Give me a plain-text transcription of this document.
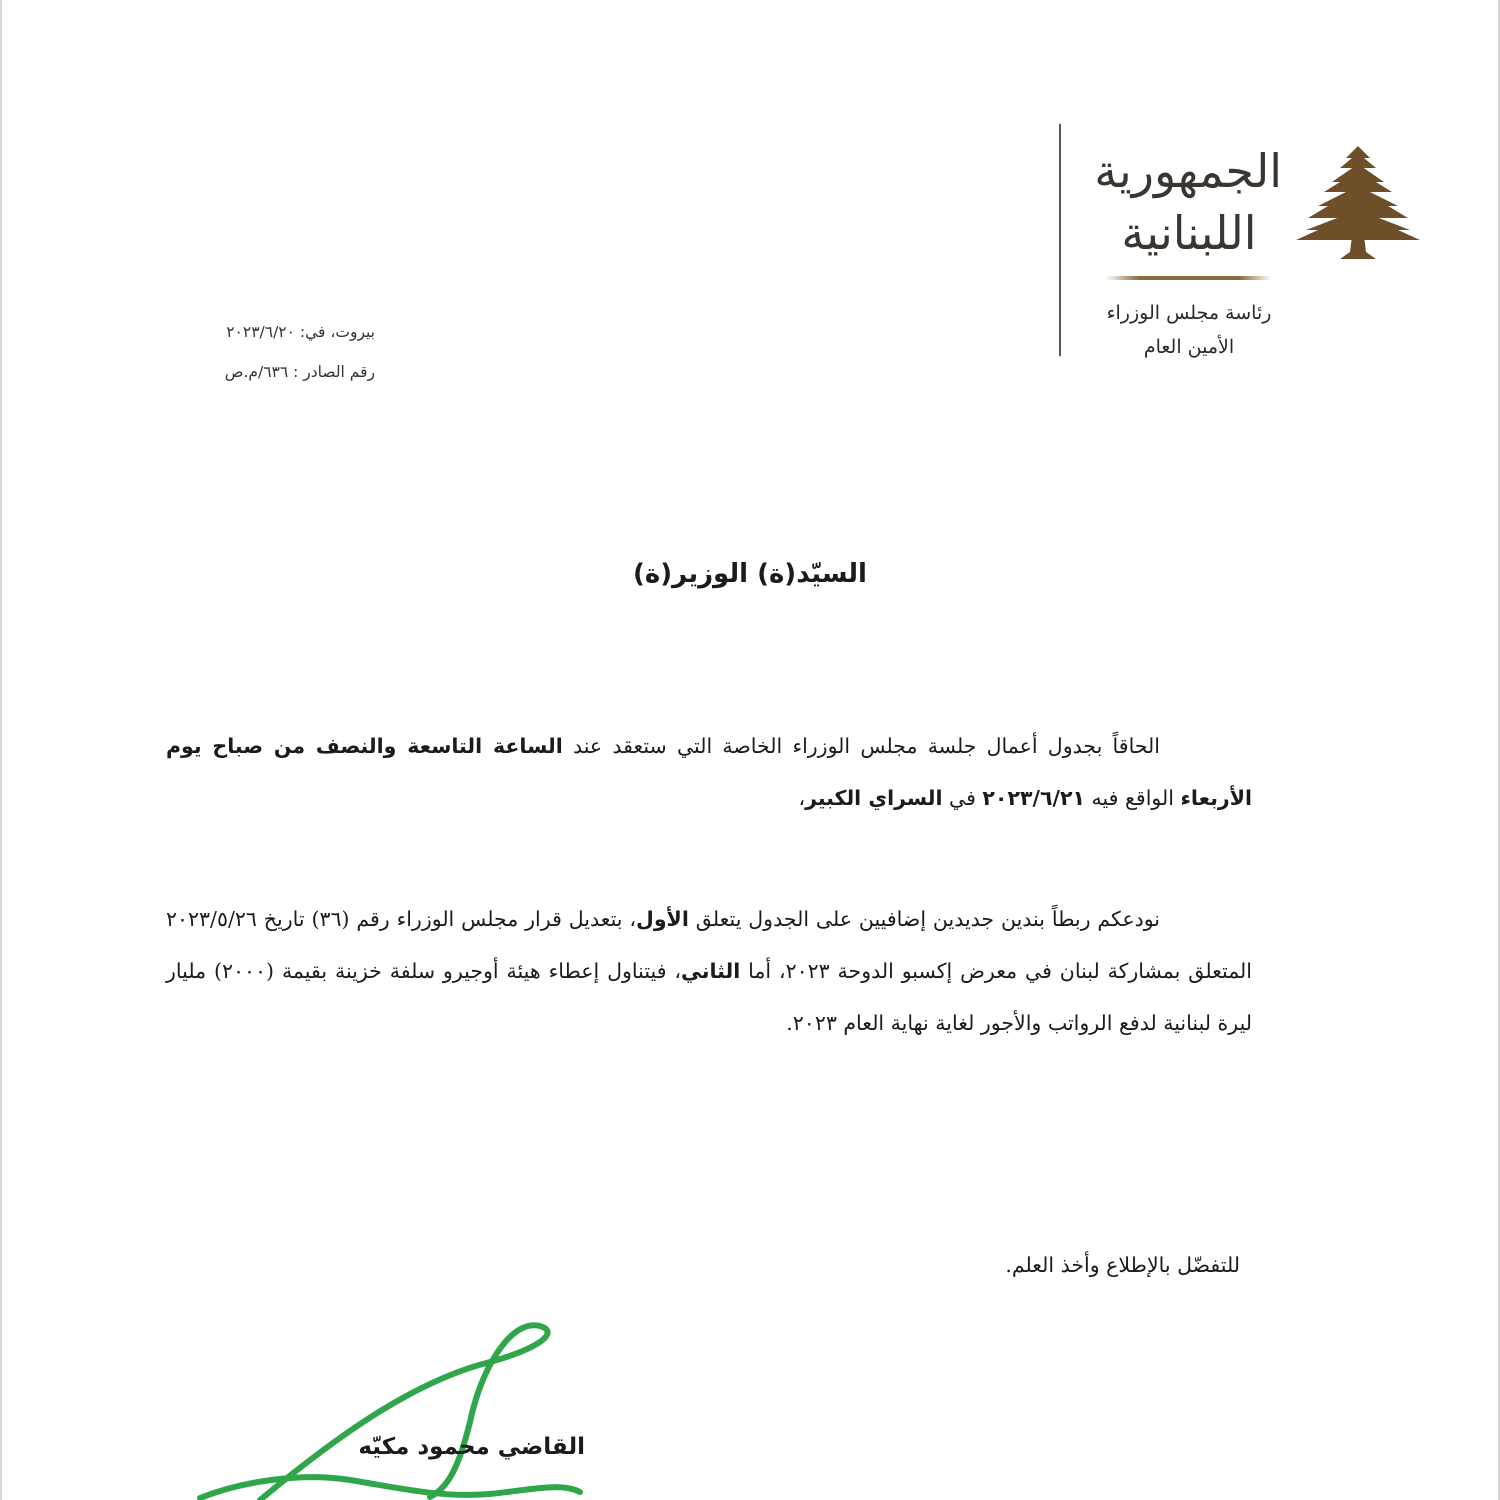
الجمهورية
اللبنانية
رئاسة مجلس الوزراء
الأمين العام
بيروت، في: ٢٠٢٣/٦/٢٠
رقم الصادر : ٦٣٦/م.ص
السيّد(ة) الوزير(ة)
الحاقاً بجدول أعمال جلسة مجلس الوزراء الخاصة التي ستعقد عند الساعة التاسعة والنصف من صباح يوم الأربعاء الواقع فيه ٢٠٢٣/٦/٢١ في السراي الكبير،
نودعكم ربطاً بندين جديدين إضافيين على الجدول يتعلق الأول، بتعديل قرار مجلس الوزراء رقم (٣٦) تاريخ ٢٠٢٣/٥/٢٦ المتعلق بمشاركة لبنان في معرض إكسبو الدوحة ٢٠٢٣، أما الثاني، فيتناول إعطاء هيئة أوجيرو سلفة خزينة بقيمة (٢٠٠٠) مليار ليرة لبنانية لدفع الرواتب والأجور لغاية نهاية العام ٢٠٢٣.
للتفضّل بالإطلاع وأخذ العلم.
القاضي محمود مكيّه
